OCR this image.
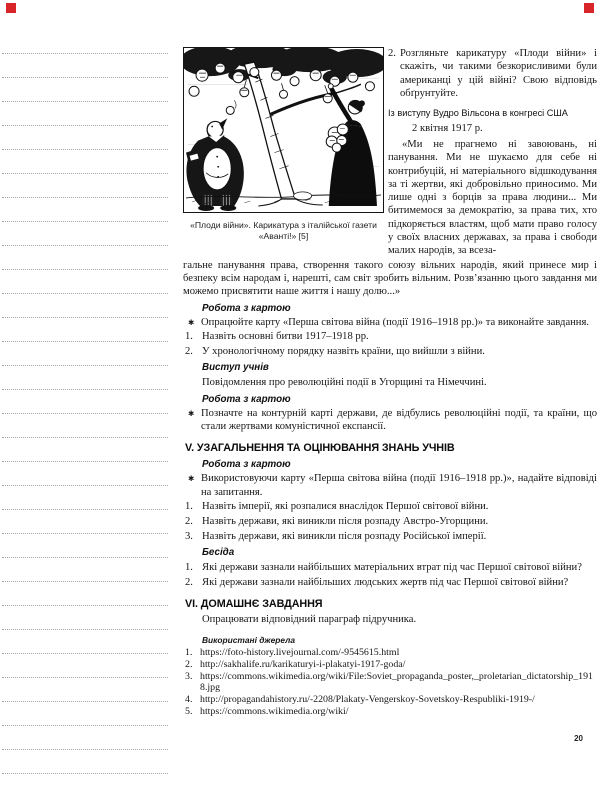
«Плоди війни». Карикатура з італійської газети «Аванті!» [5]
2. Розгляньте карикатуру «Плоди війни» і скажіть, чи такими безкорисливими були американці у цій війні? Свою відповідь обґрунтуйте.
Із виступу Вудро Вільсона в конгресі США
2 квітня 1917 р.
«Ми не прагнемо ні завоювань, ні панування. Ми не шукаємо для себе ні контрибуцій, ні матеріального відшкодування за ті жертви, які добровільно приносимо. Ми лише одні з борців за права людини... Ми битимемося за демократію, за права тих, хто підкоряється властям, щоб мати право голосу у своїх власних державах, за права і свободи малих народів, за всеза-
гальне панування права, створення такого союзу вільних народів, який принесе мир і безпеку всім народам і, нарешті, сам світ зробить вільним. Розв’язанню цього завдання ми можемо присвятити наше життя і нашу долю...»
Робота з картою
✱ Опрацюйте карту «Перша світова війна (події 1916–1918 рр.)» та виконайте завдання.
1. Назвіть основні битви 1917–1918 рр.
2. У хронологічному порядку назвіть країни, що вийшли з війни.
Виступ учнів
Повідомлення про революційні події в Угорщині та Німеччині.
Робота з картою
✱ Позначте на контурній карті держави, де відбулись революційні події, та країни, що стали жертвами комуністичної експансії.
V. УЗАГАЛЬНЕННЯ ТА ОЦІНЮВАННЯ ЗНАНЬ УЧНІВ
Робота з картою
✱ Використовуючи карту «Перша світова війна (події 1916–1918 рр.)», надайте відповіді на запитання.
1. Назвіть імперії, які розпалися внаслідок Першої світової війни.
2. Назвіть держави, які виникли після розпаду Австро-Угорщини.
3. Назвіть держави, які виникли після розпаду Російської імперії.
Бесіда
1. Які держави зазнали найбільших матеріальних втрат під час Першої світової війни?
2. Які держави зазнали найбільших людських жертв під час Першої світової війни?
VI. ДОМАШНЄ ЗАВДАННЯ
Опрацювати відповідний параграф підручника.
Використані джерела
1. https://foto-history.livejournal.com/-9545615.html
2. http://sakhalife.ru/karikaturyi-i-plakatyi-1917-goda/
3. https://commons.wikimedia.org/wiki/File:Soviet_propaganda_poster,_proletarian_dictatorship_1918.jpg
4. http://propagandahistory.ru/-2208/Plakaty-Vengerskoy-Sovetskoy-Respubliki-1919-/
5. https://commons.wikimedia.org/wiki/
20
